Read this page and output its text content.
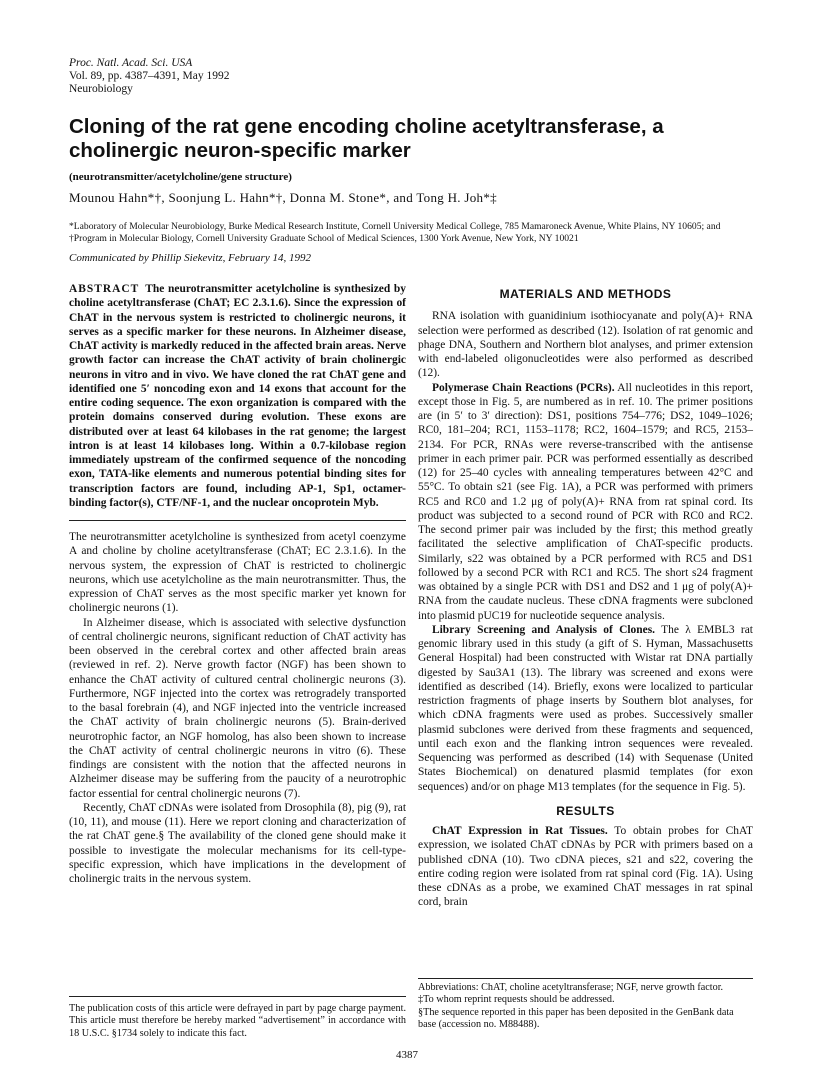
Proc. Natl. Acad. Sci. USA
Vol. 89, pp. 4387–4391, May 1992
Neurobiology
Cloning of the rat gene encoding choline acetyltransferase, a cholinergic neuron-specific marker
(neurotransmitter/acetylcholine/gene structure)
Mounou Hahn*†, Soonjung L. Hahn*†, Donna M. Stone*, and Tong H. Joh*‡
*Laboratory of Molecular Neurobiology, Burke Medical Research Institute, Cornell University Medical College, 785 Mamaroneck Avenue, White Plains, NY 10605; and †Program in Molecular Biology, Cornell University Graduate School of Medical Sciences, 1300 York Avenue, New York, NY 10021
Communicated by Phillip Siekevitz, February 14, 1992
ABSTRACT The neurotransmitter acetylcholine is synthesized by choline acetyltransferase (ChAT; EC 2.3.1.6). Since the expression of ChAT in the nervous system is restricted to cholinergic neurons, it serves as a specific marker for these neurons. In Alzheimer disease, ChAT activity is markedly reduced in the affected brain areas. Nerve growth factor can increase the ChAT activity of brain cholinergic neurons in vitro and in vivo. We have cloned the rat ChAT gene and identified one 5′ noncoding exon and 14 exons that account for the entire coding sequence. The exon organization is compared with the protein domains conserved during evolution. These exons are distributed over at least 64 kilobases in the rat genome; the largest intron is at least 14 kilobases long. Within a 0.7-kilobase region immediately upstream of the confirmed sequence of the noncoding exon, TATA-like elements and numerous potential binding sites for transcription factors are found, including AP-1, Sp1, octamer-binding factor(s), CTF/NF-1, and the nuclear oncoprotein Myb.

The neurotransmitter acetylcholine is synthesized from acetyl coenzyme A and choline by choline acetyltransferase (ChAT; EC 2.3.1.6). In the nervous system, the expression of ChAT is restricted to cholinergic neurons, which use acetylcholine as the main neurotransmitter. Thus, the expression of ChAT serves as the most specific marker yet known for cholinergic neurons (1).

In Alzheimer disease, which is associated with selective dysfunction of central cholinergic neurons, significant reduction of ChAT activity has been observed in the cerebral cortex and other affected brain areas (reviewed in ref. 2). Nerve growth factor (NGF) has been shown to enhance the ChAT activity of cultured central cholinergic neurons (3). Furthermore, NGF injected into the cortex was retrogradely transported to the basal forebrain (4), and NGF injected into the ventricle increased the ChAT activity of brain cholinergic neurons (5). Brain-derived neurotrophic factor, an NGF homolog, has also been shown to increase the ChAT activity of central cholinergic neurons in vitro (6). These findings are consistent with the notion that the affected neurons in Alzheimer disease may be suffering from the paucity of a neurotrophic factor essential for central cholinergic neurons (7).

Recently, ChAT cDNAs were isolated from Drosophila (8), pig (9), rat (10, 11), and mouse (11). Here we report cloning and characterization of the rat ChAT gene.§ The availability of the cloned gene should make it possible to investigate the molecular mechanisms for its cell-type-specific expression, which have implications in the development of cholinergic traits in the nervous system.

The publication costs of this article were defrayed in part by page charge payment. This article must therefore be hereby marked “advertisement” in accordance with 18 U.S.C. §1734 solely to indicate this fact.
MATERIALS AND METHODS

RNA isolation with guanidinium isothiocyanate and poly(A)+ RNA selection were performed as described (12). Isolation of rat genomic and phage DNA, Southern and Northern blot analyses, and primer extension with end-labeled oligonucleotides were also performed as described (12).

Polymerase Chain Reactions (PCRs). All nucleotides in this report, except those in Fig. 5, are numbered as in ref. 10. The primer positions are (in 5′ to 3′ direction): DS1, positions 754–776; DS2, 1049–1026; RC0, 181–204; RC1, 1153–1178; RC2, 1604–1579; and RC5, 2153–2134. For PCR, RNAs were reverse-transcribed with the antisense primer in each primer pair. PCR was performed essentially as described (12) for 25–40 cycles with annealing temperatures between 42°C and 55°C. To obtain s21 (see Fig. 1A), a PCR was performed with primers RC5 and RC0 and 1.2 μg of poly(A)+ RNA from rat spinal cord. Its product was subjected to a second round of PCR with RC0 and RC2. The second primer pair was included by the first; this method greatly facilitated the selective amplification of ChAT-specific products. Similarly, s22 was obtained by a PCR performed with RC5 and DS1 followed by a second PCR with RC1 and RC5. The short s24 fragment was obtained by a single PCR with DS1 and DS2 and 1 μg of poly(A)+ RNA from the caudate nucleus. These cDNA fragments were subcloned into plasmid pUC19 for nucleotide sequence analysis.

Library Screening and Analysis of Clones. The λ EMBL3 rat genomic library used in this study (a gift of S. Hyman, Massachusetts General Hospital) had been constructed with Wistar rat DNA partially digested by Sau3A1 (13). The library was screened and exons were identified as described (14). Briefly, exons were localized to particular restriction fragments of phage inserts by Southern blot analyses, for which cDNA fragments were used as probes. Successively smaller plasmid subclones were derived from these fragments and sequenced, until each exon and the flanking intron sequences were revealed. Sequencing was performed as described (14) with Sequenase (United States Biochemical) on denatured plasmid templates (for exon sequences) and/or on phage M13 templates (for the sequence in Fig. 5).

RESULTS

ChAT Expression in Rat Tissues. To obtain probes for ChAT expression, we isolated ChAT cDNAs by PCR with primers based on a published cDNA (10). Two cDNA pieces, s21 and s22, covering the entire coding region were isolated from rat spinal cord (Fig. 1A). Using these cDNAs as a probe, we examined ChAT messages in rat spinal cord, brain

Abbreviations: ChAT, choline acetyltransferase; NGF, nerve growth factor.

‡To whom reprint requests should be addressed.

§The sequence reported in this paper has been deposited in the GenBank data base (accession no. M88488).

4387
